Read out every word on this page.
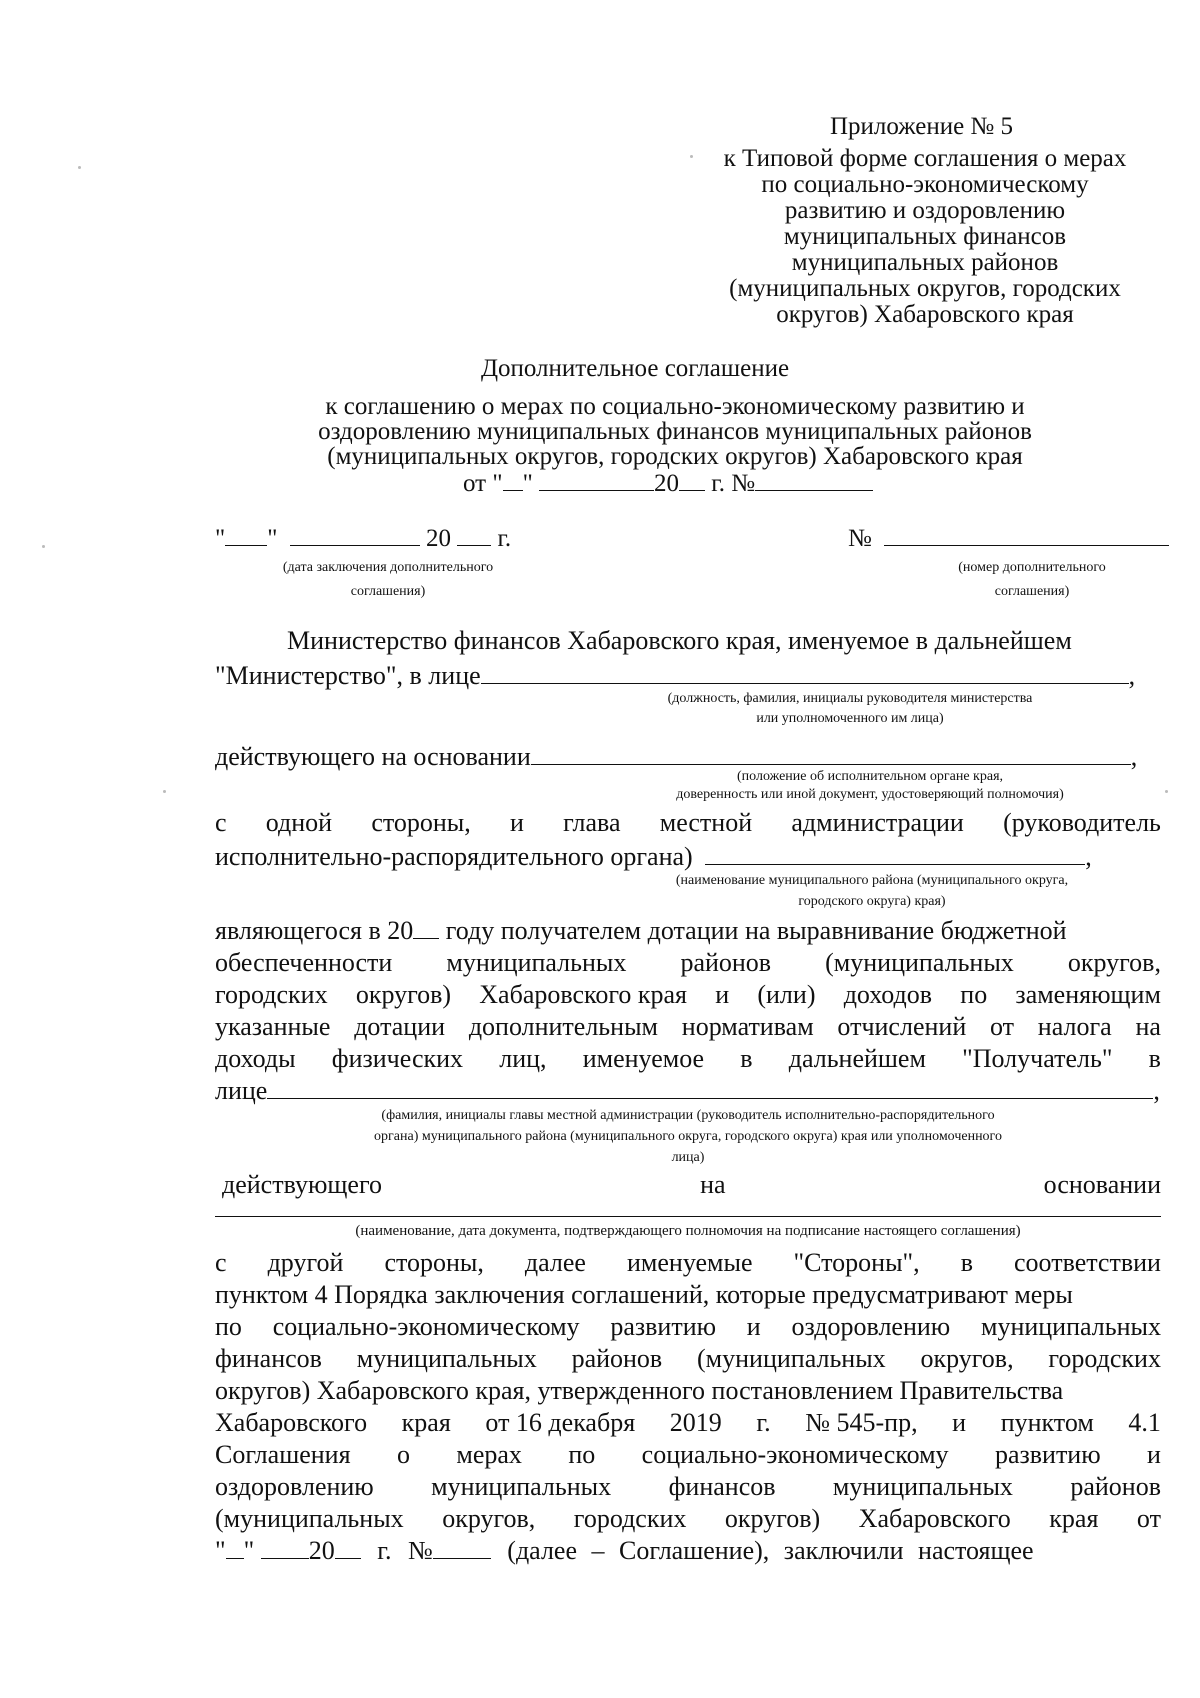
Приложение № 5
к Типовой форме соглашения о мерах
по социально-экономическому
развитию и оздоровлению
муниципальных финансов
муниципальных районов
(муниципальных округов, городских
округов) Хабаровского края
Дополнительное соглашение
к соглашению о мерах по социально-экономическому развитию и
оздоровлению муниципальных финансов муниципальных районов
(муниципальных округов, городских округов) Хабаровского края
от " "	20 г. №
" "	20 г.
(дата заключения дополнительного
соглашения)
№
(номер дополнительного
соглашения)
Министерство финансов Хабаровского края, именуемое в дальнейшем
"Министерство", в лице	,
(должность, фамилия, инициалы руководителя министерства
или уполномоченного им лица)
действующего на основании	,
(положение об исполнительном органе края,
доверенность или иной документ, удостоверяющий полномочия)
с одной стороны, и глава местной администрации (руководитель
исполнительно-распорядительного органа)	,
(наименование муниципального района (муниципального округа,
городского округа) края)
являющегося в 20 году получателем дотации на выравнивание бюджетной
обеспеченности муниципальных районов (муниципальных округов,
городских округов) Хабаровского края и (или) доходов по заменяющим
указанные дотации дополнительным нормативам отчислений от налога на
доходы физических лиц, именуемое в дальнейшем "Получатель" в
лице	,
(фамилия, инициалы главы местной администрации (руководитель исполнительно-распорядительного
органа) муниципального района (муниципального округа, городского округа) края или уполномоченного
лица)
действующего	на	основании
(наименование, дата документа, подтверждающего полномочия на подписание настоящего соглашения)
с другой стороны, далее именуемые "Стороны", в соответствии
пунктом 4 Порядка заключения соглашений, которые предусматривают меры
по социально-экономическому развитию и оздоровлению муниципальных
финансов муниципальных районов (муниципальных округов, городских
округов) Хабаровского края, утвержденного постановлением Правительства
Хабаровского края от 16 декабря 2019 г. № 545-пр, и пунктом 4.1
Соглашения о мерах по социально-экономическому развитию и
оздоровлению муниципальных финансов муниципальных районов
(муниципальных округов, городских округов) Хабаровского края от
" " 20 г. №	(далее – Соглашение), заключили настоящее
